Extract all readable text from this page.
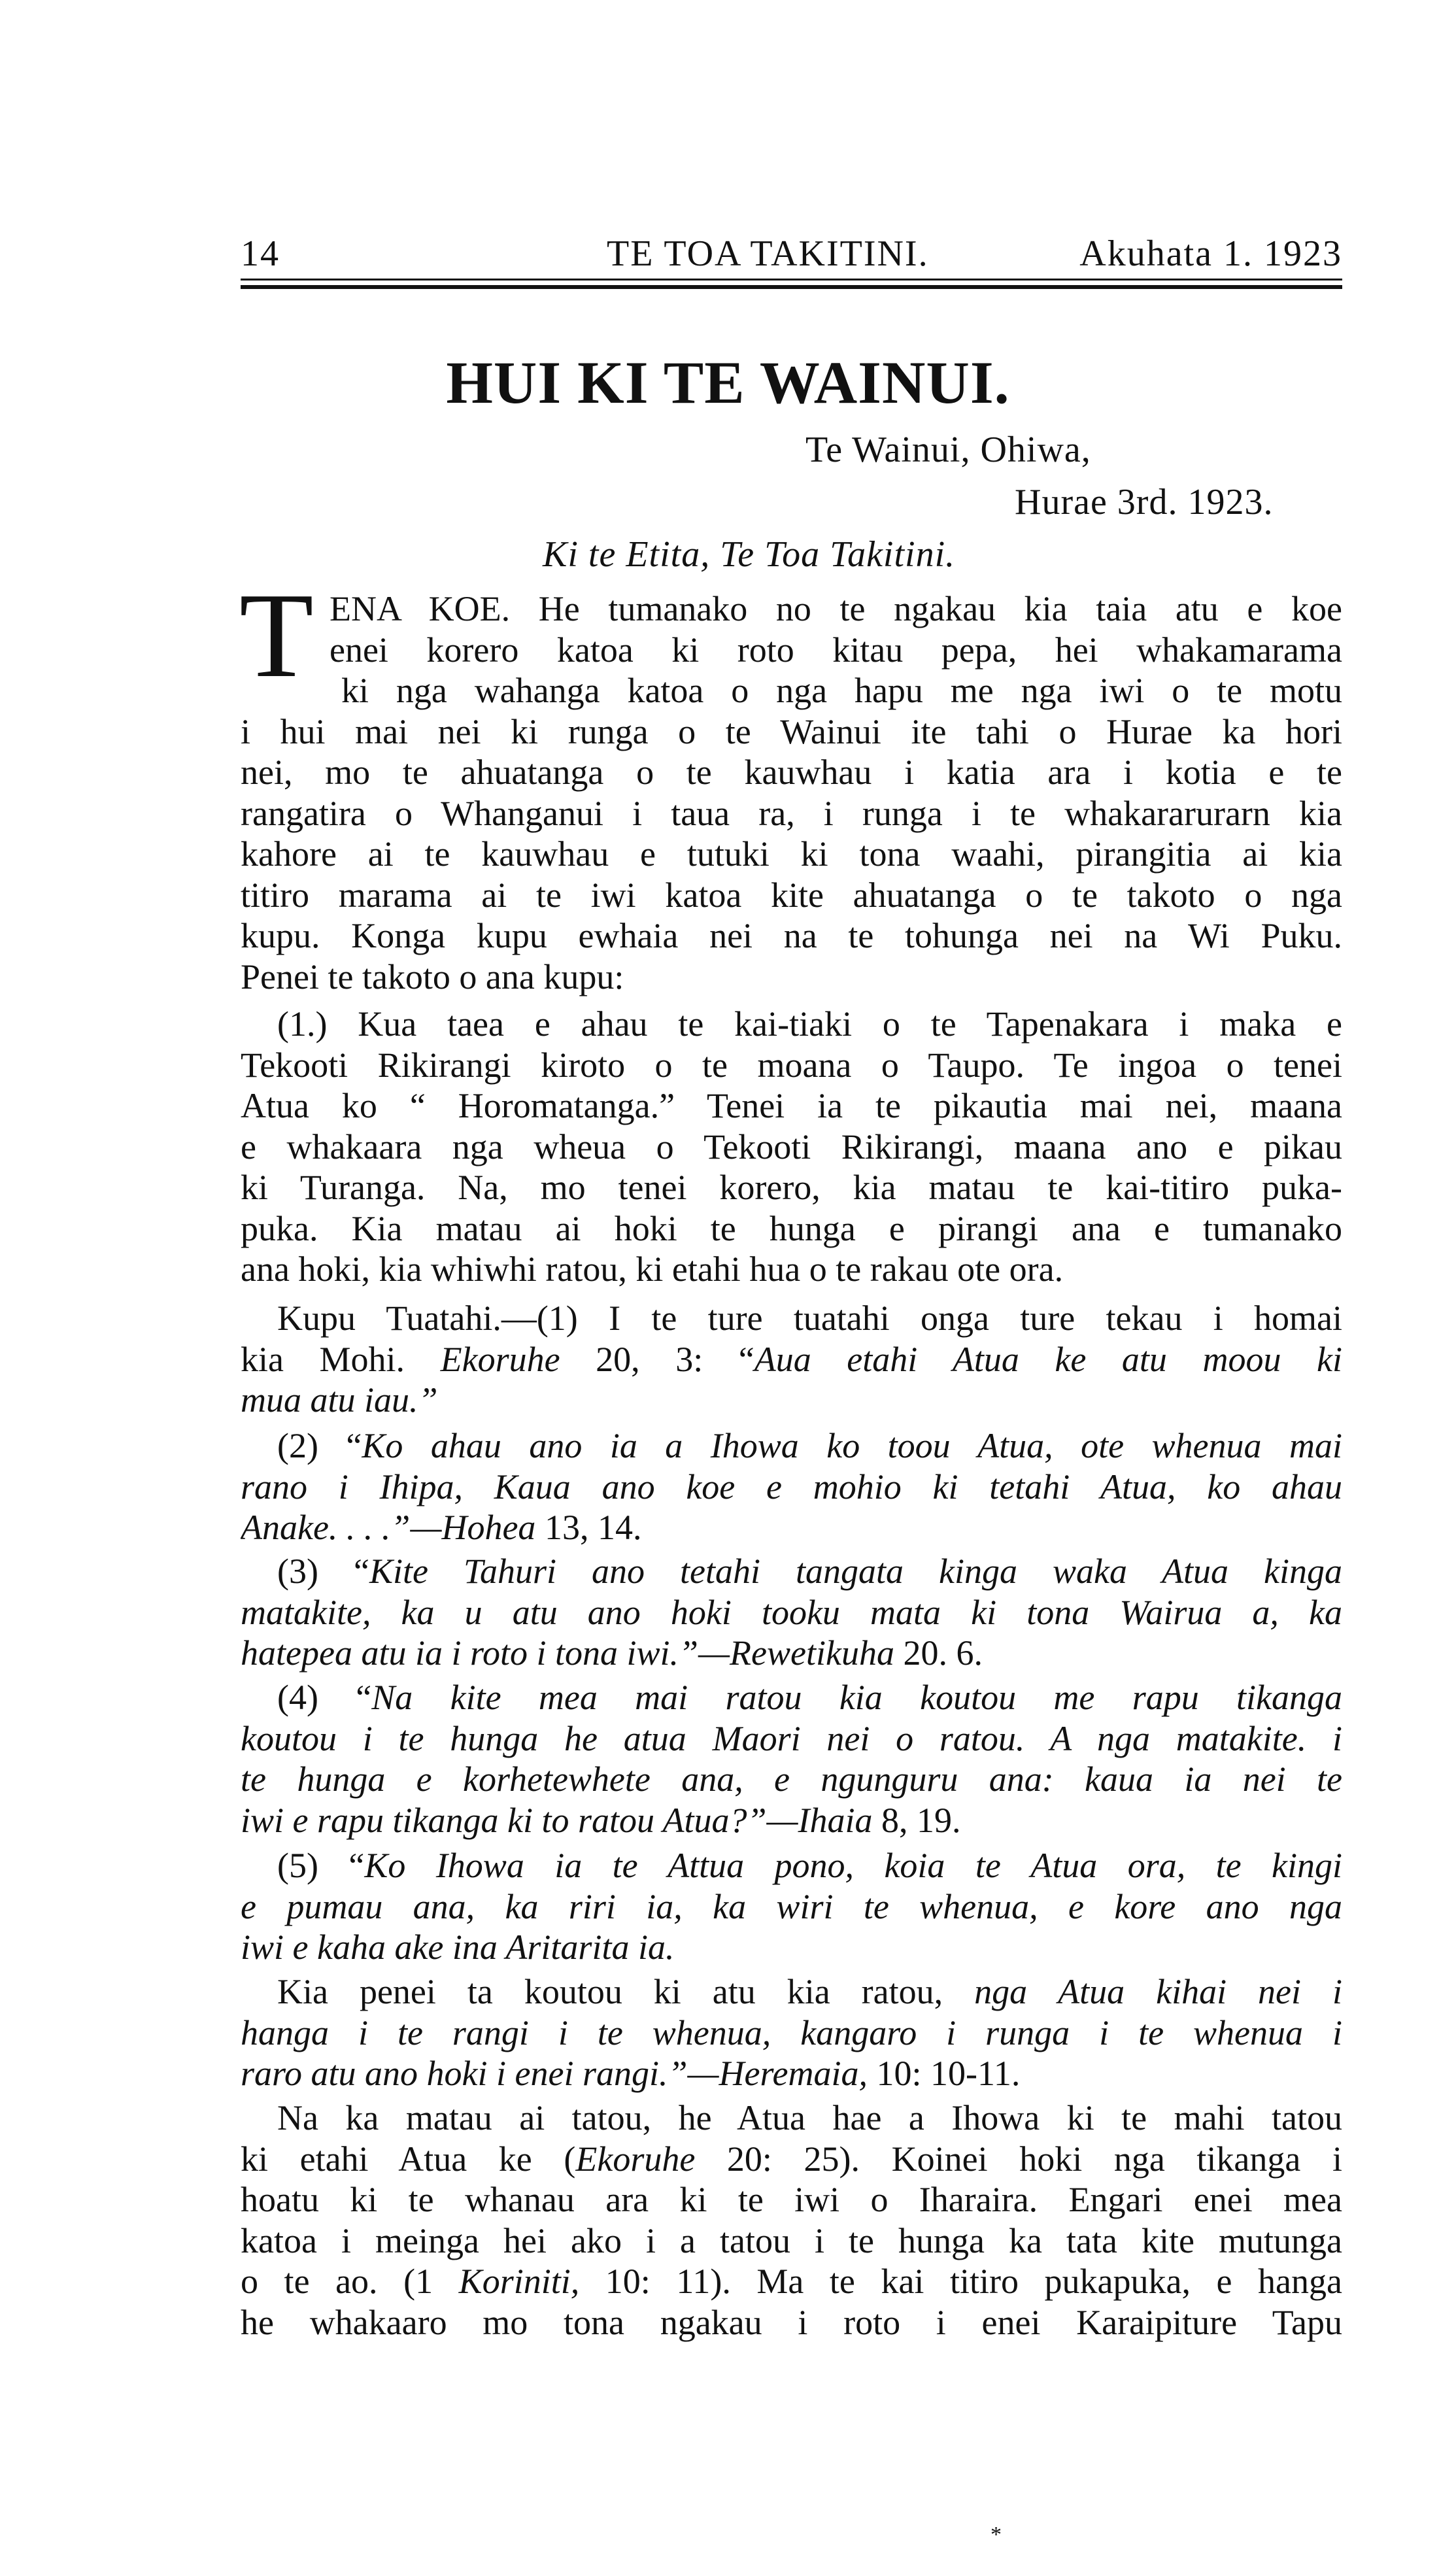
14	TE TOA TAKITINI.	Akuhata 1. 1923
HUI KI TE WAINUI.
Te Wainui, Ohiwa,
Hurae 3rd. 1923.
Ki te Etita, Te Toa Takitini.
T ENA KOE. He tumanako no te ngakau kia taia atu e koe
enei korero katoa ki roto kitau pepa, hei whakamarama
ki nga wahanga katoa o nga hapu me nga iwi o te motu
i hui mai nei ki runga o te Wainui ite tahi o Hurae ka hori
nei, mo te ahuatanga o te kauwhau i katia ara i kotia e te
rangatira o Whanganui i taua ra, i runga i te whakararurarn kia
kahore ai te kauwhau e tutuki ki tona waahi, pirangitia ai kia
titiro marama ai te iwi katoa kite ahuatanga o te takoto o nga
kupu. Konga kupu ewhaia nei na te tohunga nei na Wi Puku.
Penei te takoto o ana kupu:
(1.) Kua taea e ahau te kai-tiaki o te Tapenakara i maka e
Tekooti Rikirangi kiroto o te moana o Taupo. Te ingoa o tenei
Atua ko “ Horomatanga.” Tenei ia te pikautia mai nei, maana
e whakaara nga wheua o Tekooti Rikirangi, maana ano e pikau
ki Turanga. Na, mo tenei korero, kia matau te kai-titiro puka-
puka. Kia matau ai hoki te hunga e pirangi ana e tumanako
ana hoki, kia whiwhi ratou, ki etahi hua o te rakau ote ora.
Kupu Tuatahi.—(1) I te ture tuatahi onga ture tekau i homai
kia Mohi. Ekoruhe 20, 3: “Aua etahi Atua ke atu moou ki
mua atu iau.”
(2) “Ko ahau ano ia a Ihowa ko toou Atua, ote whenua mai
rano i Ihipa, Kaua ano koe e mohio ki tetahi Atua, ko ahau
Anake. . . .”—Hohea 13, 14.
(3) “Kite Tahuri ano tetahi tangata kinga waka Atua kinga
matakite, ka u atu ano hoki tooku mata ki tona Wairua a, ka
hatepea atu ia i roto i tona iwi.”—Rewetikuha 20. 6.
(4) “Na kite mea mai ratou kia koutou me rapu tikanga
koutou i te hunga he atua Maori nei o ratou. A nga matakite. i
te hunga e korhetewhete ana, e ngunguru ana: kaua ia nei te
iwi e rapu tikanga ki to ratou Atua?”—Ihaia 8, 19.
(5) “Ko Ihowa ia te Attua pono, koia te Atua ora, te kingi
e pumau ana, ka riri ia, ka wiri te whenua, e kore ano nga
iwi e kaha ake ina Aritarita ia.
Kia penei ta koutou ki atu kia ratou, nga Atua kihai nei i
hanga i te rangi i te whenua, kangaro i runga i te whenua i
raro atu ano hoki i enei rangi.”—Heremaia, 10: 10-11.
Na ka matau ai tatou, he Atua hae a Ihowa ki te mahi tatou
ki etahi Atua ke (Ekoruhe 20: 25). Koinei hoki nga tikanga i
hoatu ki te whanau ara ki te iwi o Iharaira. Engari enei mea
katoa i meinga hei ako i a tatou i te hunga ka tata kite mutunga
o te ao. (1 Koriniti, 10: 11). Ma te kai titiro pukapuka, e hanga
he whakaaro mo tona ngakau i roto i enei Karaipiture Tapu
*
